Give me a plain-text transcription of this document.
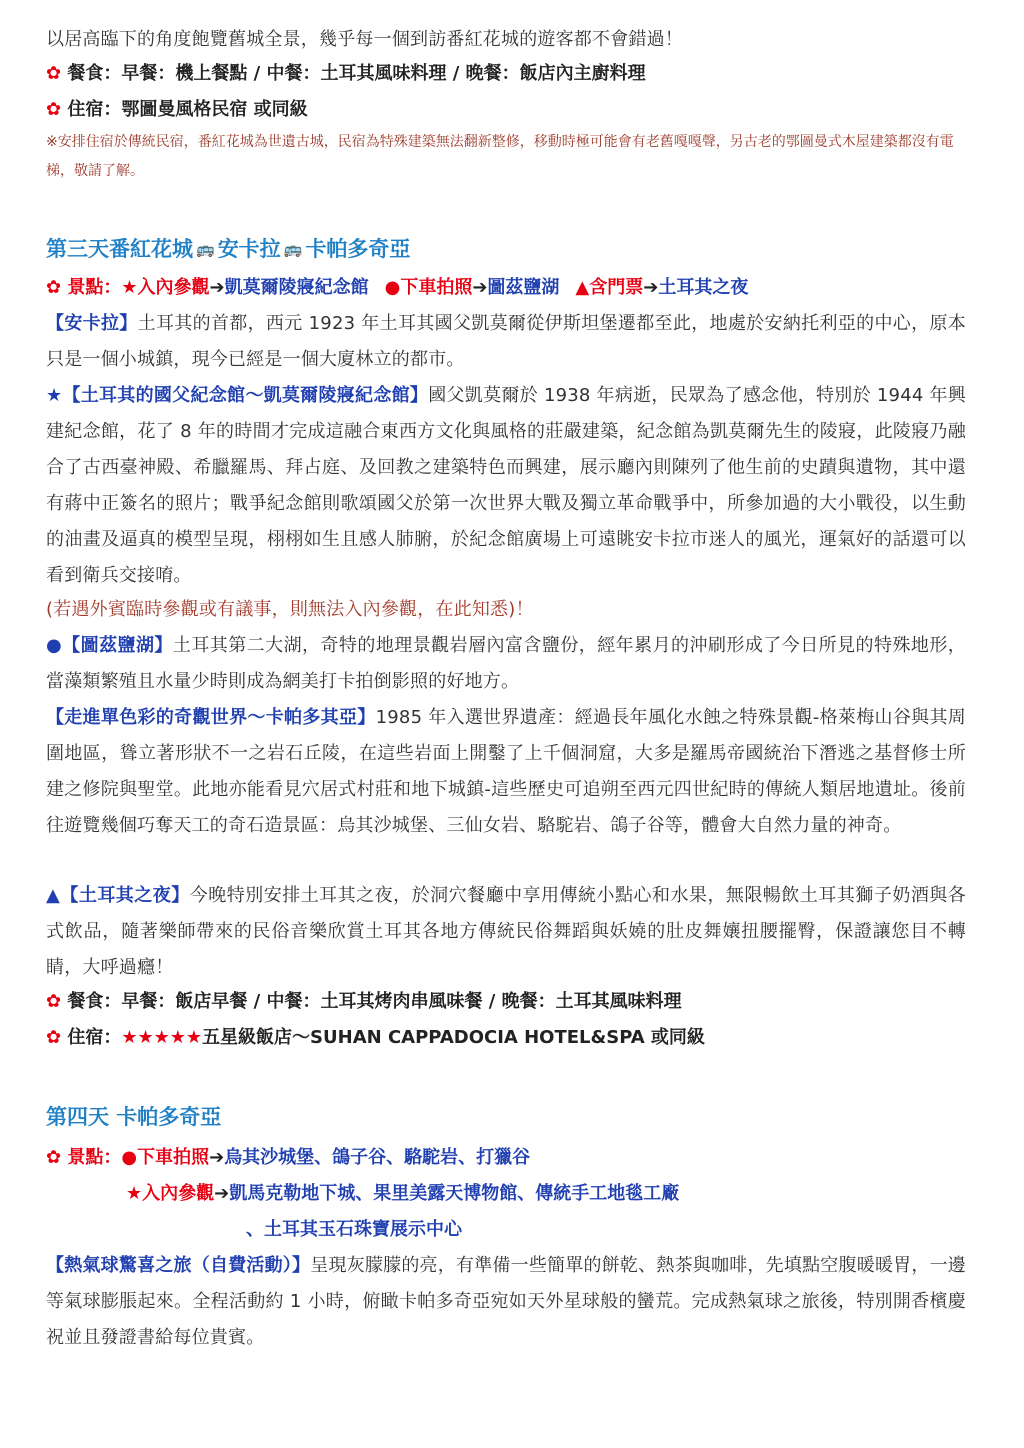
以居高臨下的角度飽覽舊城全景，幾乎每一個到訪番紅花城的遊客都不會錯過！

✿ 餐食：早餐：機上餐點 / 中餐：土耳其風味料理 / 晚餐：飯店內主廚料理

✿ 住宿：鄂圖曼風格民宿 或同級

※安排住宿於傳統民宿，番紅花城為世遺古城，民宿為特殊建築無法翻新整修，移動時極可能會有老舊嘎嘎聲，另古老的鄂圖曼式木屋建築都沒有電梯，敬請了解。

第三天番紅花城 🚌 安卡拉 🚌 卡帕多奇亞

✿ 景點：★入內參觀➔凱莫爾陵寢紀念館 ●下車拍照➔圖茲鹽湖 ▲含門票➔土耳其之夜

【安卡拉】土耳其的首都，西元 1923 年土耳其國父凱莫爾從伊斯坦堡遷都至此，地處於安納托利亞的中心，原本只是一個小城鎮，現今已經是一個大廈林立的都市。

★【土耳其的國父紀念館～凱莫爾陵寢紀念館】國父凱莫爾於 1938 年病逝，民眾為了感念他，特別於 1944 年興建紀念館，花了 8 年的時間才完成這融合東西方文化與風格的莊嚴建築，紀念館為凱莫爾先生的陵寢，此陵寢乃融合了古西臺神殿、希臘羅馬、拜占庭、及回教之建築特色而興建，展示廳內則陳列了他生前的史蹟與遺物，其中還有蔣中正簽名的照片；戰爭紀念館則歌頌國父於第一次世界大戰及獨立革命戰爭中，所參加過的大小戰役，以生動的油畫及逼真的模型呈現，栩栩如生且感人肺腑，於紀念館廣場上可遠眺安卡拉市迷人的風光，運氣好的話還可以看到衛兵交接唷。

(若遇外賓臨時參觀或有議事，則無法入內參觀，在此知悉)！

●【圖茲鹽湖】土耳其第二大湖，奇特的地理景觀岩層內富含鹽份，經年累月的沖刷形成了今日所見的特殊地形，當藻類繁殖且水量少時則成為網美打卡拍倒影照的好地方。

【走進單色彩的奇觀世界～卡帕多其亞】1985 年入選世界遺產：經過長年風化水蝕之特殊景觀-格萊梅山谷與其周圍地區，聳立著形狀不一之岩石丘陵，在這些岩面上開鑿了上千個洞窟，大多是羅馬帝國統治下潛逃之基督修士所建之修院與聖堂。此地亦能看見穴居式村莊和地下城鎮-這些歷史可追朔至西元四世紀時的傳統人類居地遺址。後前往遊覽幾個巧奪天工的奇石造景區：烏其沙城堡、三仙女岩、駱駝岩、鴿子谷等，體會大自然力量的神奇。

▲【土耳其之夜】今晚特別安排土耳其之夜，於洞穴餐廳中享用傳統小點心和水果，無限暢飲土耳其獅子奶酒與各式飲品，隨著樂師帶來的民俗音樂欣賞土耳其各地方傳統民俗舞蹈與妖嬈的肚皮舞孃扭腰擺臀，保證讓您目不轉睛，大呼過癮！

✿ 餐食：早餐：飯店早餐 / 中餐：土耳其烤肉串風味餐 / 晚餐：土耳其風味料理

✿ 住宿：★★★★★五星級飯店～SUHAN CAPPADOCIA HOTEL&SPA 或同級

第四天 卡帕多奇亞

✿ 景點：●下車拍照➔烏其沙城堡、鴿子谷、駱駝岩、打獵谷

★入內參觀➔凱馬克勒地下城、果里美露天博物館、傳統手工地毯工廠

、土耳其玉石珠寶展示中心

【熱氣球驚喜之旅（自費活動）】呈現灰朦朦的亮，有準備一些簡單的餅乾、熱茶與咖啡，先填點空腹暖暖胃，一邊等氣球膨脹起來。全程活動約 1 小時，俯瞰卡帕多奇亞宛如天外星球般的蠻荒。完成熱氣球之旅後，特別開香檳慶祝並且發證書給每位貴賓。
